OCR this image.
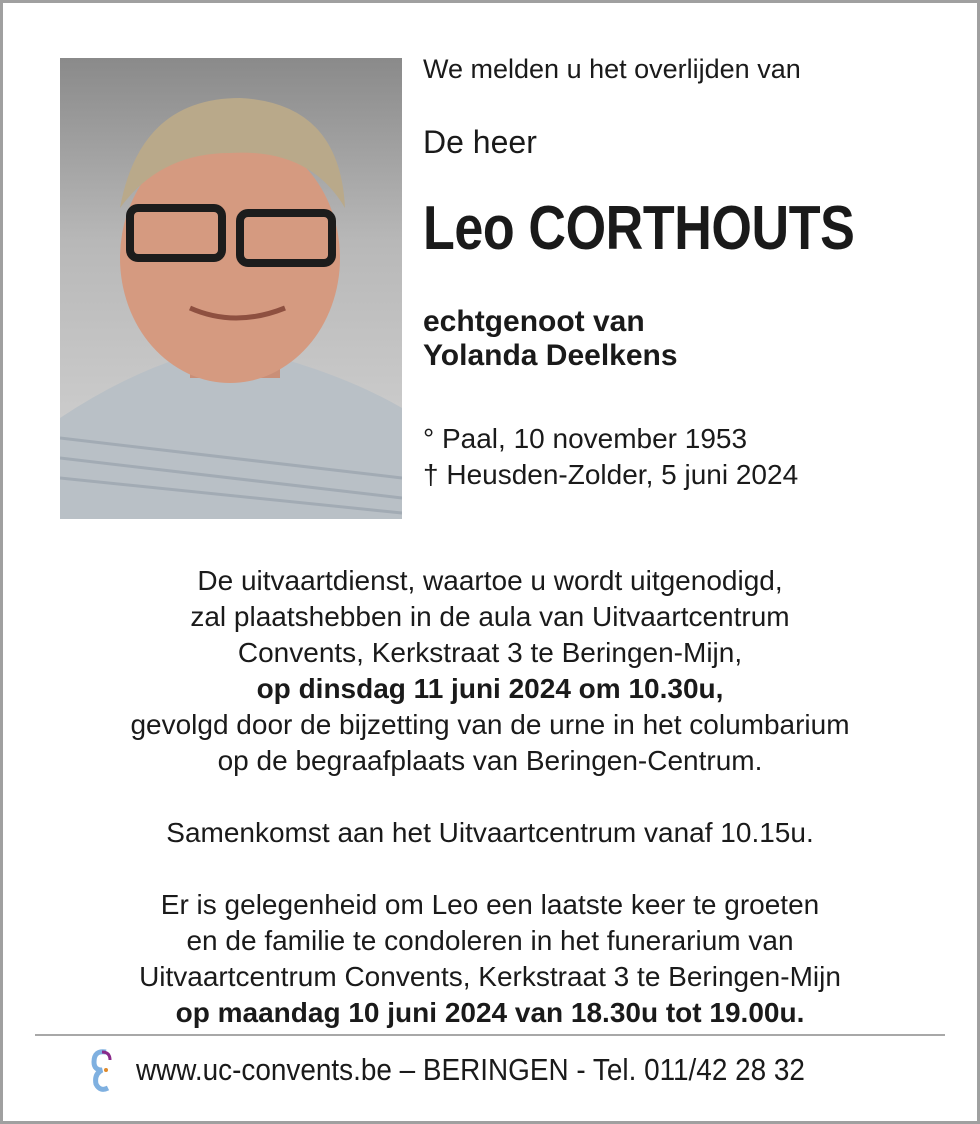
We melden u het overlijden van
De heer
Leo CORTHOUTS
echtgenoot van
Yolanda Deelkens
° Paal, 10 november 1953
† Heusden-Zolder, 5 juni 2024

De uitvaartdienst, waartoe u wordt uitgenodigd,

zal plaatshebben in de aula van Uitvaartcentrum

Convents, Kerkstraat 3 te Beringen-Mijn,

op dinsdag 11 juni 2024 om 10.30u,

gevolgd door de bijzetting van de urne in het columbarium

op de begraafplaats van Beringen-Centrum.

Samenkomst aan het Uitvaartcentrum vanaf 10.15u.

Er is gelegenheid om Leo een laatste keer te groeten

en de familie te condoleren in het funerarium van

Uitvaartcentrum Convents, Kerkstraat 3 te Beringen-Mijn

op maandag 10 juni 2024 van 18.30u tot 19.00u.

www.uc-convents.be – BERINGEN - Tel. 011/42 28 32
